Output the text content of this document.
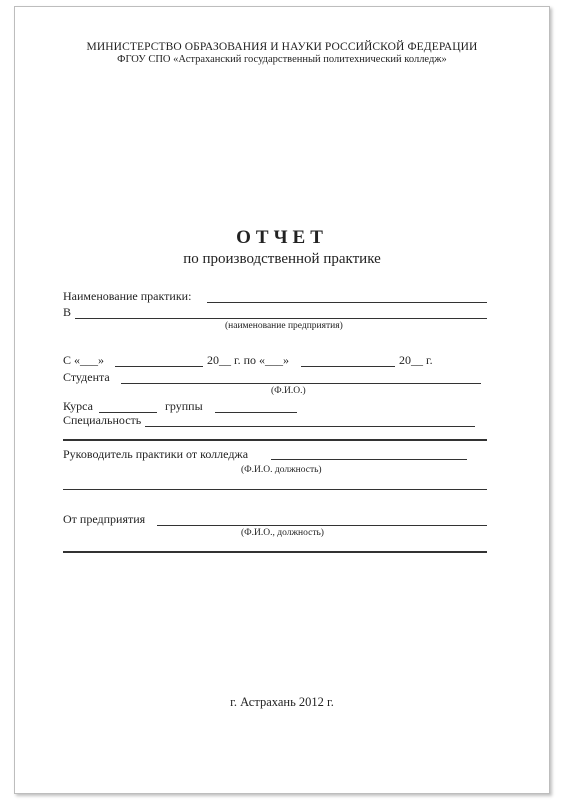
МИНИСТЕРСТВО ОБРАЗОВАНИЯ И НАУКИ РОССИЙСКОЙ ФЕДЕРАЦИИ
ФГОУ СПО «Астраханский государственный политехнический колледж»
ОТЧЕТ
по производственной практике
Наименование практики:
В
(наименование предприятия)
С «___»	20__ г. по «___»	20__ г.
Студента
(Ф.И.О.)
Курса	группы
Специальность
Руководитель практики от колледжа
(Ф.И.О. должность)
От предприятия
(Ф.И.О., должность)
г. Астрахань 2012 г.
